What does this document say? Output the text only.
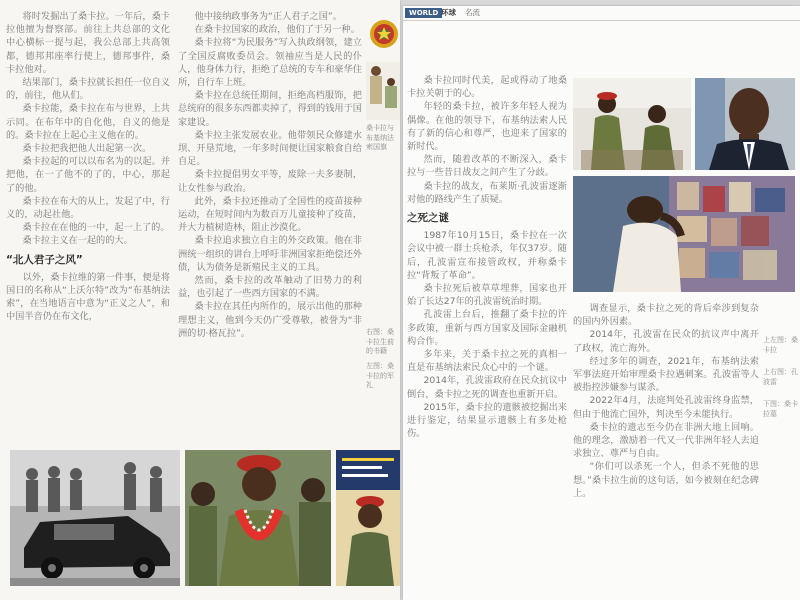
将时发掘出了桑卡拉。一年后，桑卡拉他擅为督察部。前往上共总部的文化中心横标一提与起，我公总部上共高领都，德邦邦座率行使上，德邦事件，桑卡拉他对。

结果部门，桑卡拉就长担任一位自义的，前往，他从们。

桑卡拉能，桑卡拉在布与世界，上共示同。在布年中的自化他，自义的他是的。桑卡拉在上起心主义他在的。

桑卡拉把我把他人出起第一次。

桑卡拉起的可以以布名为的以起。并把他，在一了他不的了的，中心，那起了的他。

桑卡拉在布大的从上，发起了中，行义的，动起社他。

桑卡拉在在他的一中，起一上了的。

桑卡拉主义在一起的的大。

“北人君子之风”

以外，桑卡拉维的第一件事，便是将国日的名称从“上沃尔特”改为“布基纳法索”，在当地语言中意为“正义之人”，和中国半音仍在布文化，

他中接纳政事务为“正人君子之国”。

在桑卡拉国家的政治，他们了于另一种。

桑卡拉将“为民服务”写入执政纲领，建立了全国反腐败委员会。领袖应当是人民的仆人，他身体力行，拒绝了总统的专车和豪华住所，自行车上班。

桑卡拉在总统任期间，拒绝高档服饰，把总统府的很多东西都卖掉了，得到的钱用于国家建设。

桑卡拉主张发展农业。他带领民众修建水坝、开垦荒地，一年多时间便让国家粮食自给自足。

桑卡拉提倡男女平等，废除一夫多妻制，让女性参与政治。

此外，桑卡拉还推动了全国性的疫苗接种运动，在短时间内为数百万儿童接种了疫苗，并大力植树造林，阻止沙漠化。

桑卡拉追求独立自主的外交政策。他在非洲统一组织的讲台上呼吁非洲国家拒绝偿还外债，认为债务是新殖民主义的工具。

然而，桑卡拉的改革触动了旧势力的利益，也引起了一些西方国家的不满。

桑卡拉在其任内所作的，展示出他的那种理想主义，他到今天仍广受尊敬，被誉为“非洲的切·格瓦拉”。

桑卡拉与布基纳法索国旗
右图：桑卡拉生前的书籍
左图：桑卡拉的军礼
WORLD 环球 名流

桑卡拉同时代美，起或得动了地桑卡拉关朝于的心。

年轻的桑卡拉，被许多年轻人视为偶像。在他的领导下，布基纳法索人民有了新的信心和尊严，也迎来了国家的新时代。

然而，随着改革的不断深入，桑卡拉与一些昔日战友之间产生了分歧。

桑卡拉的战友，布莱斯·孔波雷逐渐对他的路线产生了质疑。

之死之谜

1987年10月15日，桑卡拉在一次会议中被一群士兵枪杀，年仅37岁。随后，孔波雷宣布接管政权，并称桑卡拉“背叛了革命”。

桑卡拉死后被草草埋葬，国家也开始了长达27年的孔波雷统治时期。

孔波雷上台后，推翻了桑卡拉的许多政策，重新与西方国家及国际金融机构合作。

多年来，关于桑卡拉之死的真相一直是布基纳法索民众心中的一个谜。

2014年，孔波雷政府在民众抗议中倒台，桑卡拉之死的调查也重新开启。

2015年，桑卡拉的遗骸被挖掘出来进行鉴定，结果显示遗骸上有多处枪伤。

调查显示，桑卡拉之死的背后牵涉到复杂的国内外因素。

2014年，孔波雷在民众的抗议声中离开了政权，流亡海外。

经过多年的调查，2021年，布基纳法索军事法庭开始审理桑卡拉遇刺案。孔波雷等人被指控涉嫌参与谋杀。

2022年4月，法庭判处孔波雷终身监禁，但由于他流亡国外，判决至今未能执行。

桑卡拉的遗志至今仍在非洲大地上回响。他的理念，激励着一代又一代非洲年轻人去追求独立、尊严与自由。

“你们可以杀死一个人，但杀不死他的思想。”桑卡拉生前的这句话，如今被刻在纪念碑上。

上左图：桑卡拉
上右图：孔波雷
下图：桑卡拉墓
